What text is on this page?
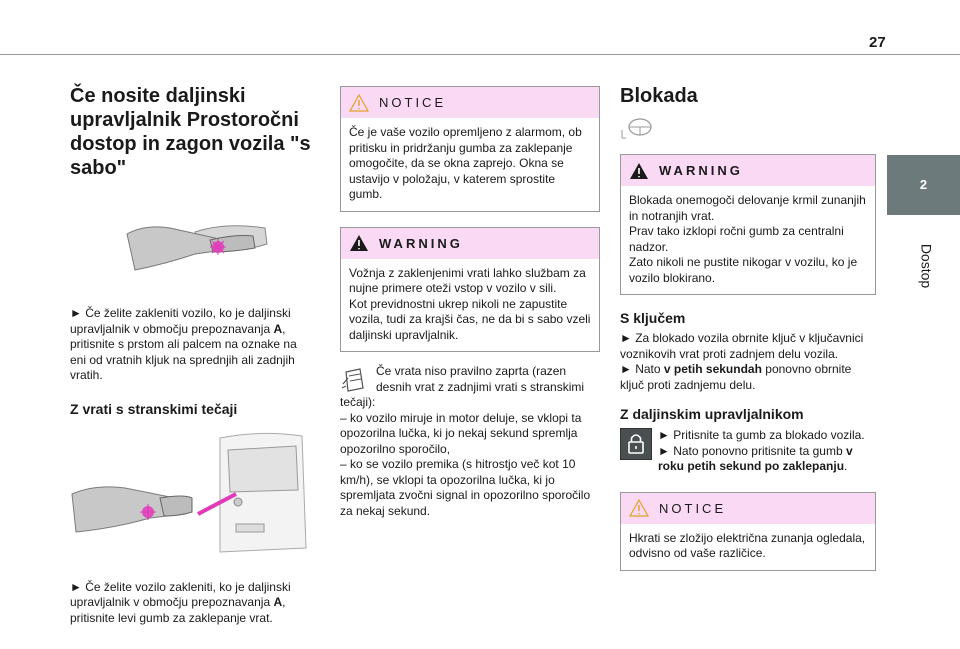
27
2
Dostop
Če nosite daljinski upravljalnik Prostoročni dostop in zagon vozila "s sabo"

► Če želite zakleniti vozilo, ko je daljinski upravljalnik v območju prepoznavanja A, pritisnite s prstom ali palcem na oznake na eni od vratnih kljuk na sprednjih ali zadnjih vratih.

Z vrati s stranskimi tečaji

► Če želite vozilo zakleniti, ko je daljinski upravljalnik v območju prepoznavanja A, pritisnite levi gumb za zaklepanje vrat.

NOTICE
Če je vaše vozilo opremljeno z alarmom, ob pritisku in pridržanju gumba za zaklepanje omogočite, da se okna zaprejo. Okna se ustavijo v položaju, v katerem sprostite gumb.
WARNING
Vožnja z zaklenjenimi vrati lahko službam za nujne primere oteži vstop v vozilo v sili.
Kot previdnostni ukrep nikoli ne zapustite vozila, tudi za krajši čas, ne da bi s sabo vzeli daljinski upravljalnik.
Če vrata niso pravilno zaprta (razen desnih vrat z zadnjimi vrati s stranskimi tečaji):
– ko vozilo miruje in motor deluje, se vklopi ta opozorilna lučka, ki jo nekaj sekund spremlja opozorilno sporočilo,
– ko se vozilo premika (s hitrostjo več kot 10 km/h), se vklopi ta opozorilna lučka, ki jo spremljata zvočni signal in opozorilno sporočilo za nekaj sekund.
Blokada
WARNING
Blokada onemogoči delovanje krmil zunanjih in notranjih vrat.
Prav tako izklopi ročni gumb za centralni nadzor.
Zato nikoli ne pustite nikogar v vozilu, ko je vozilo blokirano.
S ključem

► Za blokado vozila obrnite ključ v ključavnici voznikovih vrat proti zadnjem delu vozila.

► Nato v petih sekundah ponovno obrnite ključ proti zadnjemu delu.

Z daljinskim upravljalnikom
► Pritisnite ta gumb za blokado vozila.
► Nato ponovno pritisnite ta gumb v roku petih sekund po zaklepanju.
NOTICE
Hkrati se zložijo električna zunanja ogledala, odvisno od vaše različice.
